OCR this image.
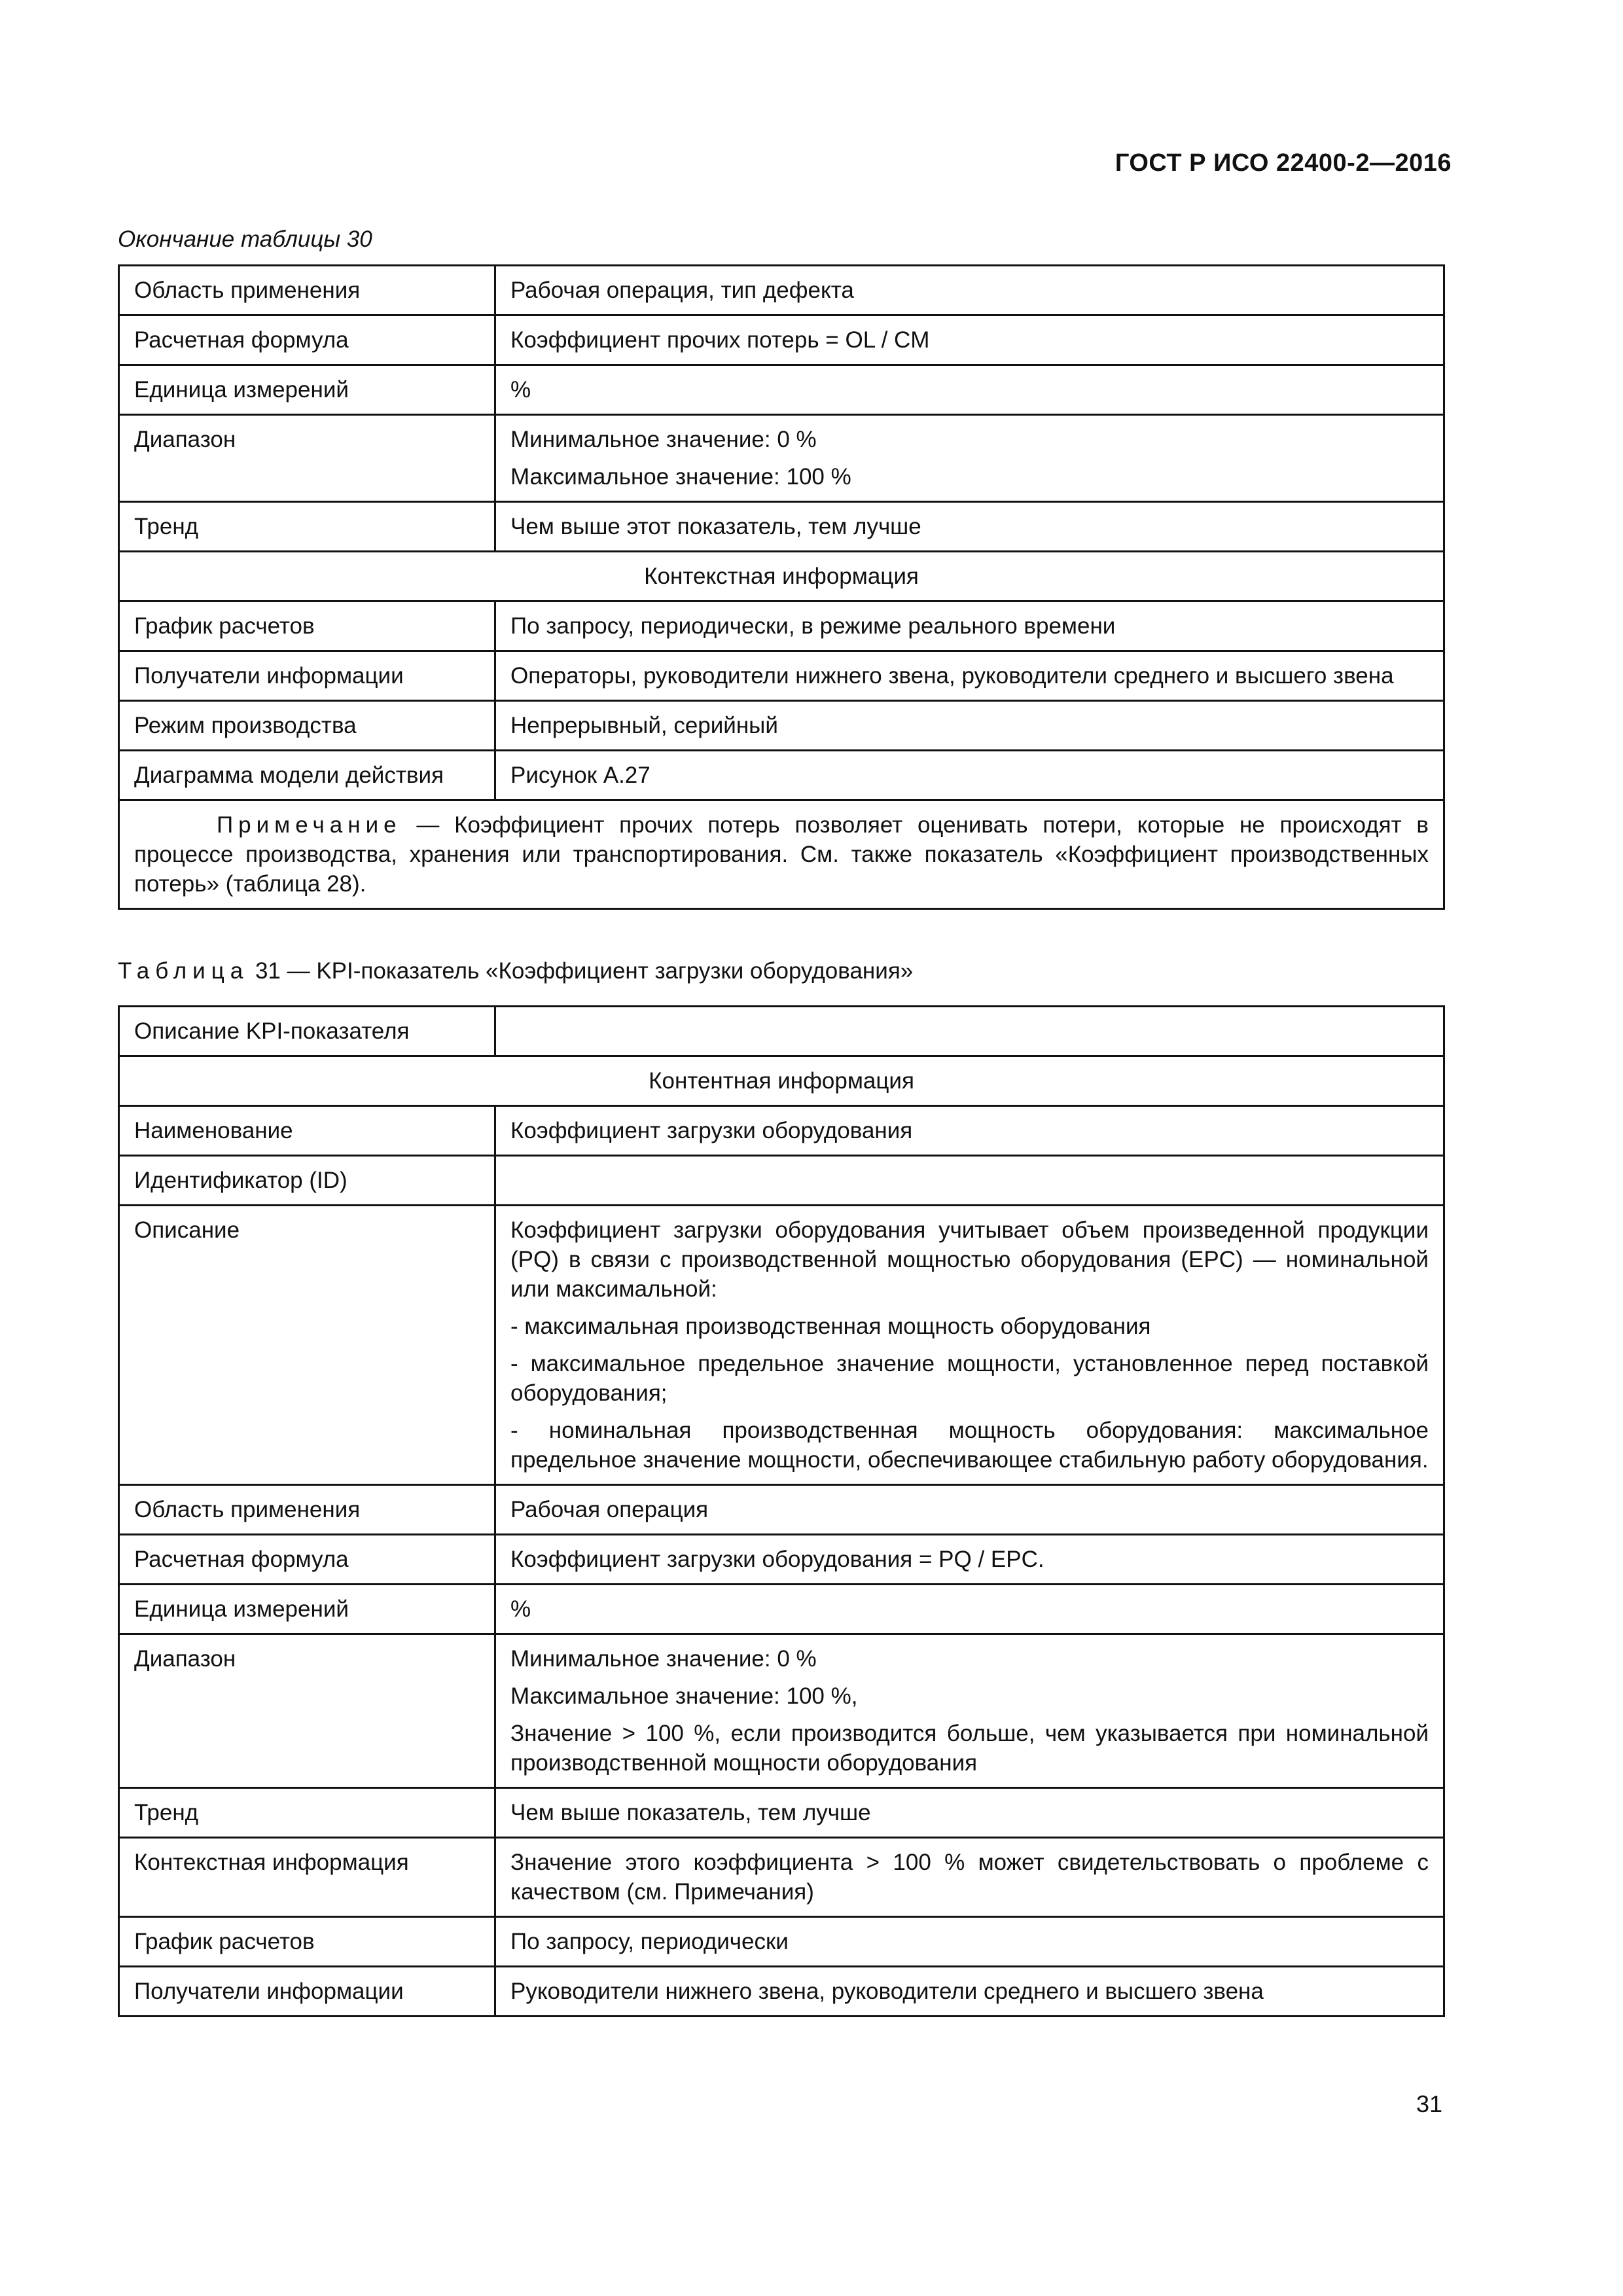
ГОСТ Р ИСО 22400-2—2016
Окончание таблицы 30
Область применения	Рабочая операция, тип дефекта

Расчетная формула	Коэффициент прочих потерь = OL / CM

Единица измерений	%

Диапазон	Минимальное значение: 0 %
Максимальное значение: 100 %

Тренд	Чем выше этот показатель, тем лучше

Контекстная информация	
График расчетов	По запросу, периодически, в режиме реального времени

Получатели информации	Операторы, руководители нижнего звена, руководители среднего и высшего звена

Режим производства	Непрерывный, серийный

Диаграмма модели действия	Рисунок А.27

Примечание — Коэффициент прочих потерь позволяет оценивать потери, которые не происходят в процессе производства, хранения или транспортирования. См. также показатель «Коэффициент производственных потерь» (таблица 28).	
Таблица 31 — KPI-показатель «Коэффициент загрузки оборудования»
Описание KPI-показателя	
Контентная информация	
Наименование	Коэффициент загрузки оборудования

Идентификатор (ID)	

Описание	Коэффициент загрузки оборудования учитывает объем произведенной продукции (PQ) в связи с производственной мощностью оборудования (EPC) — номинальной или максимальной:
- максимальная производственная мощность оборудования
- максимальное предельное значение мощности, установленное перед поставкой оборудования;
- номинальная производственная мощность оборудования: максимальное предельное значение мощности, обеспечивающее стабильную работу оборудования.

Область применения	Рабочая операция

Расчетная формула	Коэффициент загрузки оборудования = PQ / EPC.

Единица измерений	%

Диапазон	Минимальное значение: 0 %
Максимальное значение: 100 %,
Значение > 100 %, если производится больше, чем указывается при номинальной производственной мощности оборудования

Тренд	Чем выше показатель, тем лучше

Контекстная информация	Значение этого коэффициента > 100 % может свидетельствовать о проблеме с качеством (см. Примечания)

График расчетов	По запросу, периодически

Получатели информации	Руководители нижнего звена, руководители среднего и высшего звена
31
